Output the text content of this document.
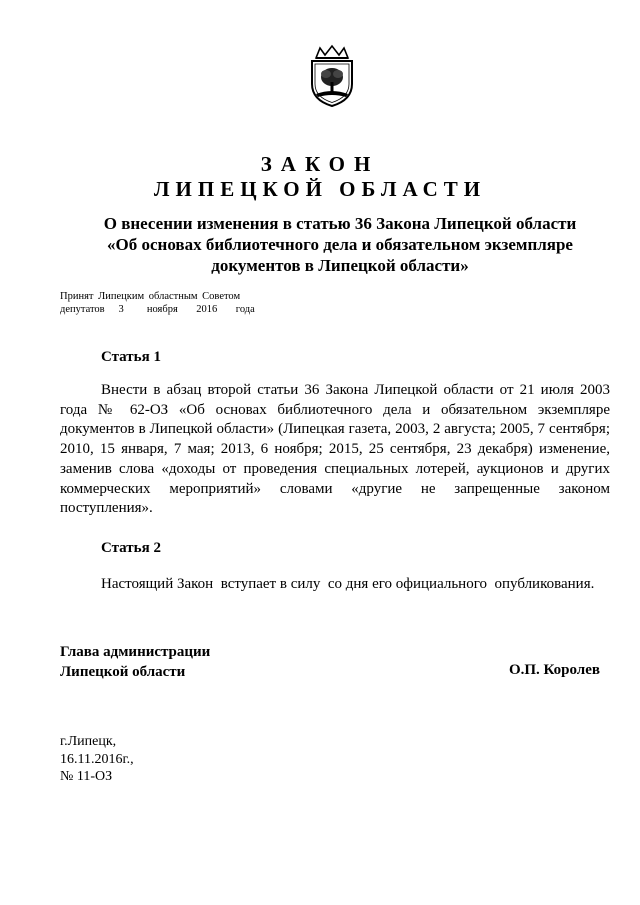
ЗАКОН
ЛИПЕЦКОЙ ОБЛАСТИ
О внесении изменения в статью 36 Закона Липецкой области
«Об основах библиотечного дела и обязательном экземпляре
документов в Липецкой области»
Принят Липецким областным Советом
депутатов   3     ноября    2016    года
Статья 1
Внести в абзац второй статьи 36 Закона Липецкой области от 21 июля 2003 года № 62-ОЗ «Об основах библиотечного дела и обязательном экземпляре документов в Липецкой области» (Липецкая газета, 2003, 2 августа; 2005, 7 сентября; 2010, 15 января, 7 мая; 2013, 6 ноября; 2015, 25 сентября, 23 декабря) изменение, заменив слова «доходы от проведения специальных лотерей, аукционов и других коммерческих мероприятий» словами «другие не запрещенные законом поступления».
Статья 2
Настоящий Закон  вступает в силу  со дня его официального  опубликования.
Глава администрации
Липецкой области	О.П. Королев
г.Липецк,
16.11.2016г.,
№ 11-ОЗ
